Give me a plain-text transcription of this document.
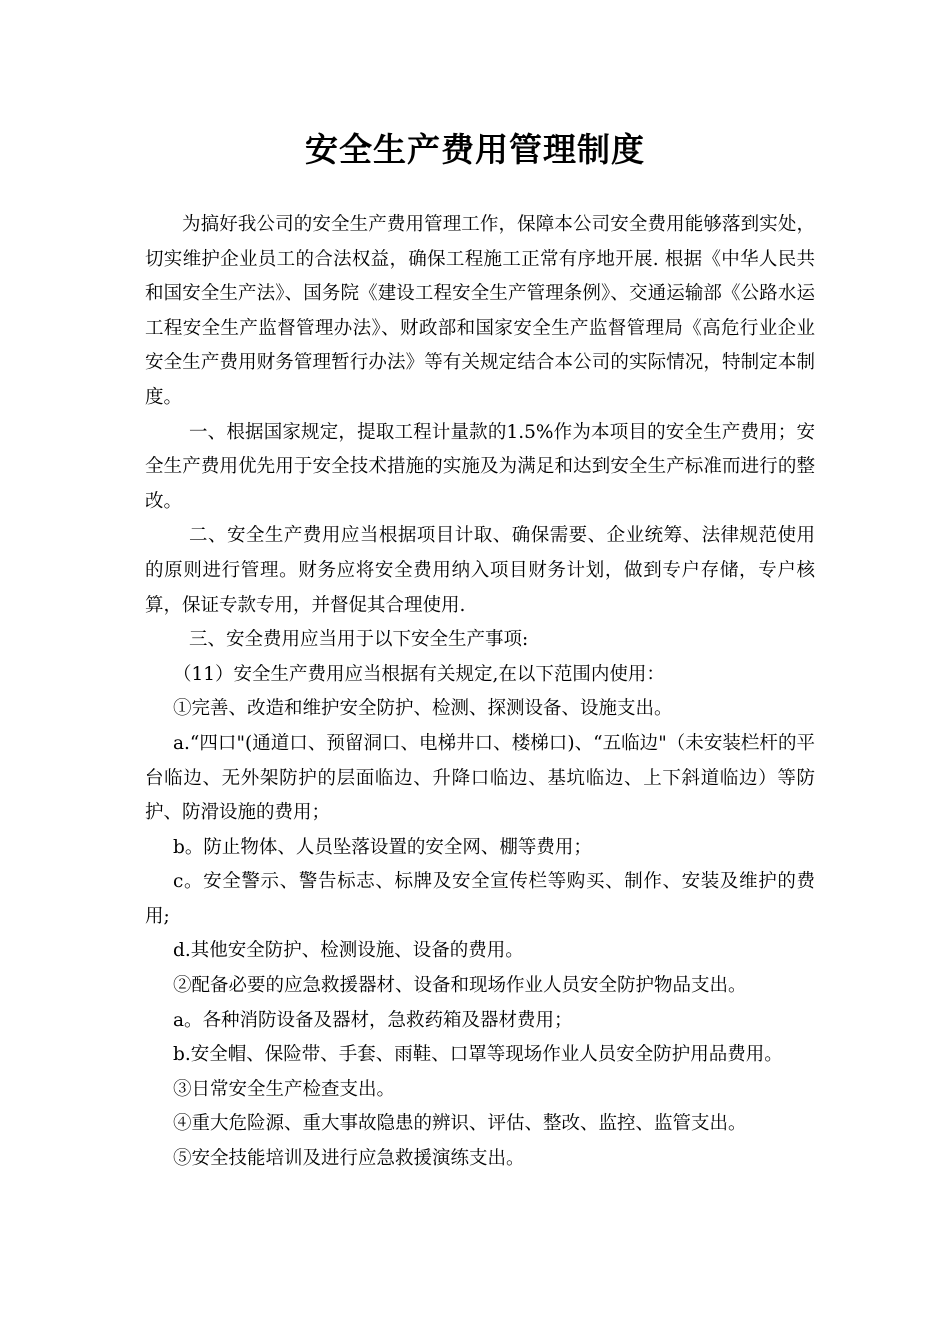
安全生产费用管理制度

为搞好我公司的安全生产费用管理工作，保障本公司安全费用能够落到实处，切实维护企业员工的合法权益，确保工程施工正常有序地开展. 根据《中华人民共和国安全生产法》、国务院《建设工程安全生产管理条例》、交通运输部《公路水运工程安全生产监督管理办法》、财政部和国家安全生产监督管理局《高危行业企业安全生产费用财务管理暂行办法》等有关规定结合本公司的实际情况，特制定本制度。

一、根据国家规定，提取工程计量款的1.5%作为本项目的安全生产费用；安全生产费用优先用于安全技术措施的实施及为满足和达到安全生产标准而进行的整改。

二、安全生产费用应当根据项目计取、确保需要、企业统筹、法律规范使用的原则进行管理。财务应将安全费用纳入项目财务计划，做到专户存储，专户核算，保证专款专用，并督促其合理使用.

三、安全费用应当用于以下安全生产事项:

（11）安全生产费用应当根据有关规定,在以下范围内使用：

①完善、改造和维护安全防护、检测、探测设备、设施支出。

a.“四口"(通道口、预留洞口、电梯井口、楼梯口)、“五临边"（未安装栏杆的平台临边、无外架防护的层面临边、升降口临边、基坑临边、上下斜道临边）等防护、防滑设施的费用；

b。防止物体、人员坠落设置的安全网、棚等费用；

c。安全警示、警告标志、标牌及安全宣传栏等购买、制作、安装及维护的费用;

d.其他安全防护、检测设施、设备的费用。

②配备必要的应急救援器材、设备和现场作业人员安全防护物品支出。

a。各种消防设备及器材，急救药箱及器材费用；

b.安全帽、保险带、手套、雨鞋、口罩等现场作业人员安全防护用品费用。

③日常安全生产检查支出。

④重大危险源、重大事故隐患的辨识、评估、整改、监控、监管支出。

⑤安全技能培训及进行应急救援演练支出。
